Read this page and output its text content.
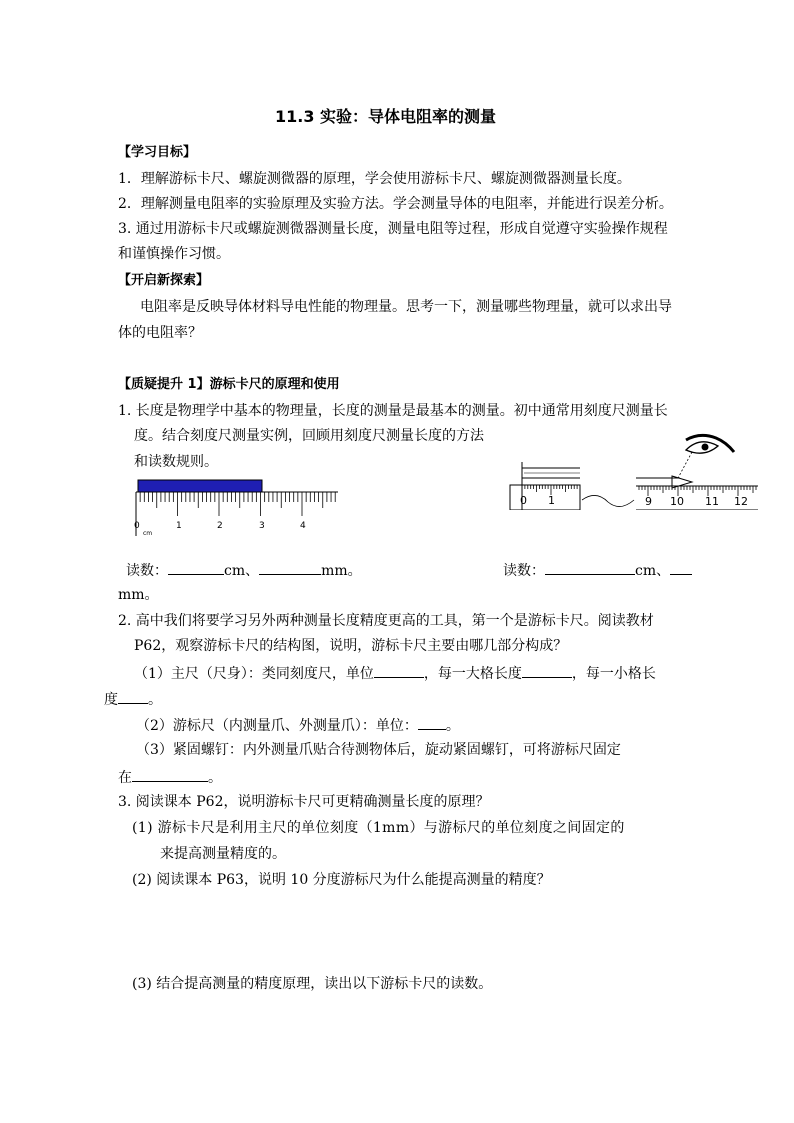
11.3 实验：导体电阻率的测量
【学习目标】
1．理解游标卡尺、螺旋测微器的原理，学会使用游标卡尺、螺旋测微器测量长度。
2．理解测量电阻率的实验原理及实验方法。学会测量导体的电阻率，并能进行误差分析。
3. 通过用游标卡尺或螺旋测微器测量长度，测量电阻等过程，形成自觉遵守实验操作规程
和谨慎操作习惯。
【开启新探索】
电阻率是反映导体材料导电性能的物理量。思考一下，测量哪些物理量，就可以求出导
体的电阻率？
【质疑提升 1】游标卡尺的原理和使用
1. 长度是物理学中基本的物理量，长度的测量是最基本的测量。初中通常用刻度尺测量长
度。结合刻度尺测量实例，回顾用刻度尺测量长度的方法
和读数规则。
0	1	2	3	4
cm
0 1	9 10 11 12
读数：	cm、	mm。	读数：	cm、
mm。
2. 高中我们将要学习另外两种测量长度精度更高的工具，第一个是游标卡尺。阅读教材
P62，观察游标卡尺的结构图，说明，游标卡尺主要由哪几部分构成？
（1）主尺（尺身）：类同刻度尺，单位	，每一大格长度	，每一小格长
度 。
（2）游标尺（内测量爪、外测量爪）：单位： 。
（3）紧固螺钉：内外测量爪贴合待测物体后，旋动紧固螺钉，可将游标尺固定
在	。
3. 阅读课本 P62，说明游标卡尺可更精确测量长度的原理？
(1) 游标卡尺是利用主尺的单位刻度（1mm）与游标尺的单位刻度之间固定的
来提高测量精度的。
(2) 阅读课本 P63，说明 10 分度游标尺为什么能提高测量的精度？
(3) 结合提高测量的精度原理，读出以下游标卡尺的读数。
